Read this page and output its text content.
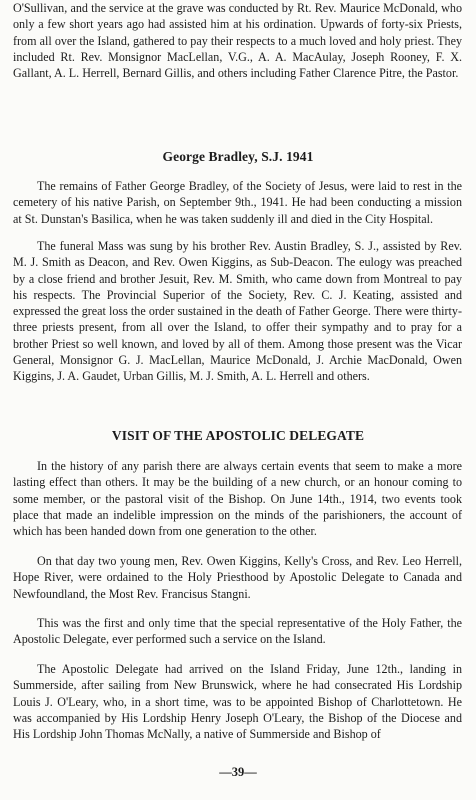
O'Sullivan, and the service at the grave was conducted by Rt. Rev. Maurice McDonald, who only a few short years ago had assisted him at his ordination. Upwards of forty-six Priests, from all over the Island, gathered to pay their respects to a much loved and holy priest. They included Rt. Rev. Monsignor MacLellan, V.G., A. A. MacAulay, Joseph Rooney, F. X. Gallant, A. L. Herrell, Bernard Gillis, and others including Father Clarence Pitre, the Pastor.

George Bradley, S.J. 1941

The remains of Father George Bradley, of the Society of Jesus, were laid to rest in the cemetery of his native Parish, on September 9th., 1941. He had been conducting a mission at St. Dunstan's Basilica, when he was taken suddenly ill and died in the City Hospital.

The funeral Mass was sung by his brother Rev. Austin Bradley, S. J., assisted by Rev. M. J. Smith as Deacon, and Rev. Owen Kiggins, as Sub-Deacon. The eulogy was preached by a close friend and brother Jesuit, Rev. M. Smith, who came down from Montreal to pay his respects. The Provincial Superior of the Society, Rev. C. J. Keating, assisted and expressed the great loss the order sustained in the death of Father George. There were thirty-three priests present, from all over the Island, to offer their sympathy and to pray for a brother Priest so well known, and loved by all of them. Among those present was the Vicar General, Monsignor G. J. MacLellan, Maurice McDonald, J. Archie MacDonald, Owen Kiggins, J. A. Gaudet, Urban Gillis, M. J. Smith, A. L. Herrell and others.

VISIT OF THE APOSTOLIC DELEGATE

In the history of any parish there are always certain events that seem to make a more lasting effect than others. It may be the building of a new church, or an honour coming to some member, or the pastoral visit of the Bishop. On June 14th., 1914, two events took place that made an indelible impression on the minds of the parishioners, the account of which has been handed down from one generation to the other.

On that day two young men, Rev. Owen Kiggins, Kelly's Cross, and Rev. Leo Herrell, Hope River, were ordained to the Holy Priesthood by Apostolic Delegate to Canada and Newfoundland, the Most Rev. Francisus Stangni.

This was the first and only time that the special representative of the Holy Father, the Apostolic Delegate, ever performed such a service on the Island.

The Apostolic Delegate had arrived on the Island Friday, June 12th., landing in Summerside, after sailing from New Brunswick, where he had consecrated His Lordship Louis J. O'Leary, who, in a short time, was to be appointed Bishop of Charlottetown. He was accompanied by His Lordship Henry Joseph O'Leary, the Bishop of the Diocese and His Lordship John Thomas McNally, a native of Summerside and Bishop of

—39—
